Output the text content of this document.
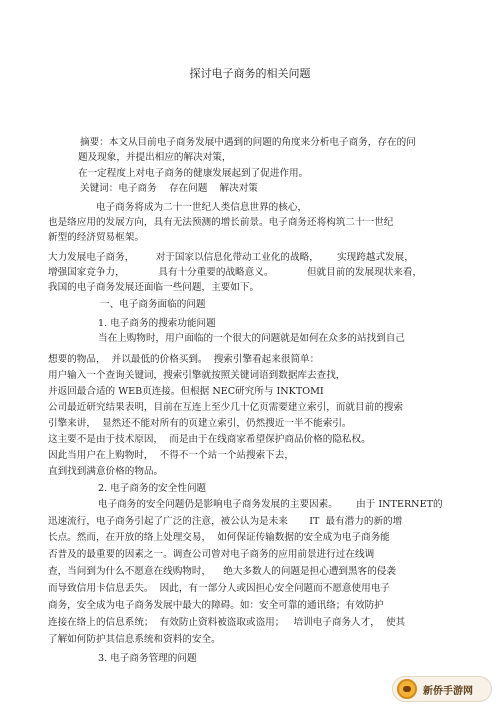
探讨电子商务的相关问题
摘要：本文从目前电子商务发展中遇到的问题的角度来分析电子商务，存在的问
题及现象，并提出相应的解决对策，
在一定程度上对电子商务的健康发展起到了促进作用。
关键词：电子商务    存在问题    解决对策
电子商务将成为二十一世纪人类信息世界的核心，
也是络应用的发展方向，具有无法预测的增长前景。电子商务还将构筑二十一世纪
新型的经济贸易框架。
大力发展电子商务，       对于国家以信息化带动工业化的战略，      实现跨越式发展，
增强国家竞争力，           具有十分重要的战略意义。           但就目前的发展现状来看，
我国的电子商务发展还面临一些问题，主要如下。
一、电子商务面临的问题
1. 电子商务的搜索功能问题
当在上购物时，用户面临的一个很大的问题就是如何在众多的站找到自己
想要的物品，  并以最低的价格买到。  搜索引擎看起来很简单：
用户输入一个查询关键词，搜索引擎就按照关键词语到数据库去查找，
并返回最合适的 WEB页连接。但根据 NEC研究所与 INKTOMI
公司最近研究结果表明，目前在互连上至少几十亿页需要建立索引，而就目前的搜索
引擎来讲，  显然还不能对所有的页建立索引，仍然搜近一半不能索引。
这主要不是由于技术原因，  而是由于在线商家希望保护商品价格的隐私权。
因此当用户在上购物时，  不得不一个站一个站搜索下去，
直到找到满意价格的物品。
2. 电子商务的安全性问题
电子商务的安全问题仍是影响电子商务发展的主要因素。      由于 INTERNET的
迅速流行，电子商务引起了广泛的注意，被公认为是未来       IT  最有潜力的新的增
长点。然而，在开放的络上处理交易，  如何保证传输数据的安全成为电子商务能
否普及的最重要的因素之一。调查公司曾对电子商务的应用前景进行过在线调
查，当问到为什么不愿意在线购物时，    绝大多数人的问题是担心遭到黑客的侵袭
而导致信用卡信息丢失。  因此，有一部分人或因担心安全问题而不愿意使用电子
商务，安全成为电子商务发展中最大的障碍。如：安全可靠的通讯络；有效防护
连接在络上的信息系统；  有效防止资料被盗取或盗用；   培训电子商务人才，  使其
了解如何防护其信息系统和资料的安全。
3. 电子商务管理的问题
新侨手游网
